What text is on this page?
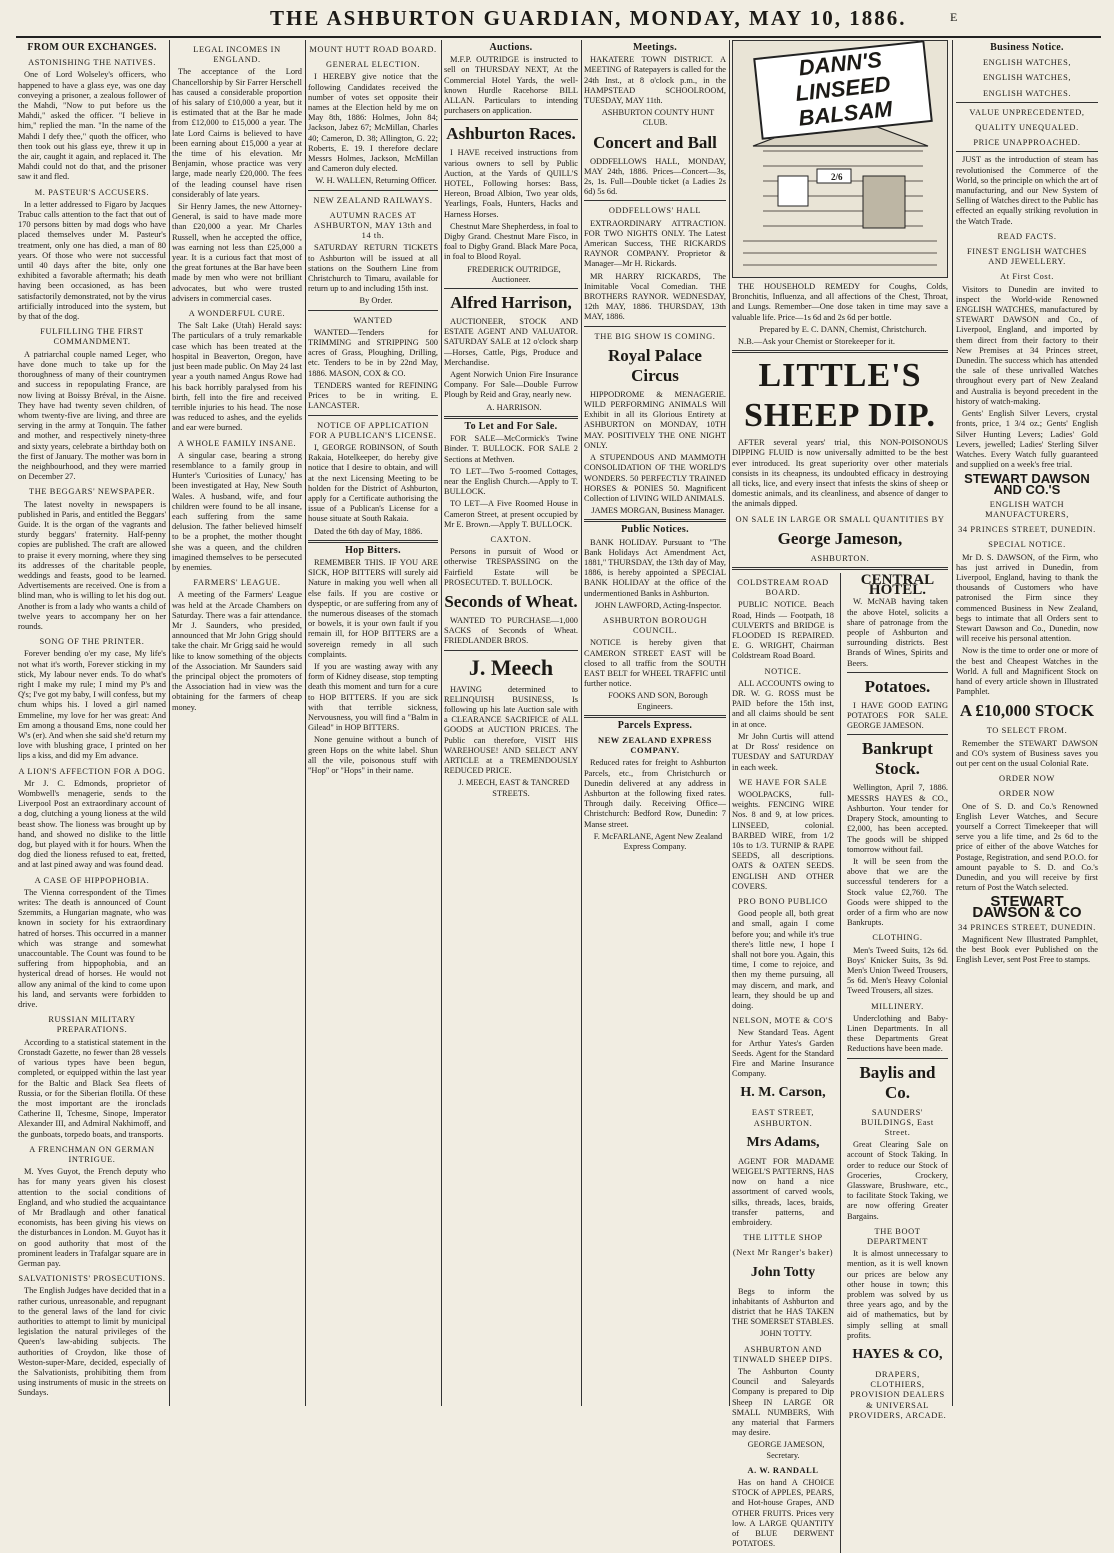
THE ASHBURTON GUARDIAN, MONDAY, MAY 10, 1886.	E
FROM OUR EXCHANGES.
ASTONISHING THE NATIVES.

One of Lord Wolseley's officers, who happened to have a glass eye, was one day conveying a prisoner, a zealous follower of the Mahdi, "Now to put before us the Mahdi," asked the officer. "I believe in him," replied the man. "In the name of the Mahdi I defy thee," quoth the officer, who then took out his glass eye, threw it up in the air, caught it again, and replaced it. The Mahdi could not do that, and the prisoner saw it and fled.

M. PASTEUR'S ACCUSERS.

In a letter addressed to Figaro by Jacques Trabuc calls attention to the fact that out of 170 persons bitten by mad dogs who have placed themselves under M. Pasteur's treatment, only one has died, a man of 80 years. Of those who were not successful until 40 days after the bite, only one exhibited a favorable aftermath; his death having been occasioned, as has been satisfactorily demonstrated, not by the virus artificially introduced into the system, but by that of the dog.

FULFILLING THE FIRST COMMANDMENT.

A patriarchal couple named Leger, who have done much to take up for the thoroughness of many of their countrymen and success in repopulating France, are now living at Boissy Bréval, in the Aisne. They have had twenty seven children, of whom twenty-five are living, and three are serving in the army at Tonquin. The father and mother, and respectively ninety-three and sixty years, celebrate a birthday both on the first of January. The mother was born in the neighbourhood, and they were married on December 27.

THE BEGGARS' NEWSPAPER.

The latest novelty in newspapers is published in Paris, and entitled the Beggars' Guide. It is the organ of the vagrants and sturdy beggars' fraternity. Half-penny copies are published. The craft are allowed to praise it every morning, where they sing its addresses of the charitable people, weddings and feasts, good to be learned. Advertisements are received. One is from a blind man, who is willing to let his dog out. Another is from a lady who wants a child of twelve years to accompany her on her rounds.

SONG OF THE PRINTER.

Forever bending o'er my case, My life's not what it's worth, Forever sticking in my stick, My labour never ends. To do what's right I make my rule; I mind my P's and Q's; I've got my baby, I will confess, but my chum whips his. I loved a girl named Emmeline, my love for her was great: And Em among a thousand Ems, none could her W's (er). And when she said she'd return my love with blushing grace, I printed on her lips a kiss, and did my Em advance.

A LION'S AFFECTION FOR A DOG.

Mr J. C. Edmonds, proprietor of Wombwell's menagerie, sends to the Liverpool Post an extraordinary account of a dog, clutching a young lioness at the wild beast show. The lioness was brought up by hand, and showed no dislike to the little dog, but played with it for hours. When the dog died the lioness refused to eat, fretted, and at last pined away and was found dead.

A CASE OF HIPPOPHOBIA.

The Vienna correspondent of the Times writes: The death is announced of Count Szemmits, a Hungarian magnate, who was known in society for his extraordinary hatred of horses. This occurred in a manner which was strange and somewhat unaccountable. The Count was found to be suffering from hippophobia, and an hysterical dread of horses. He would not allow any animal of the kind to come upon his land, and servants were forbidden to drive.

RUSSIAN MILITARY PREPARATIONS.

According to a statistical statement in the Cronstadt Gazette, no fewer than 28 vessels of various types have been begun, completed, or equipped within the last year for the Baltic and Black Sea fleets of Russia, or for the Siberian flotilla. Of these the most important are the ironclads Catherine II, Tchesme, Sinope, Imperator Alexander III, and Admiral Nakhimoff, and the gunboats, torpedo boats, and transports.

A FRENCHMAN ON GERMAN INTRIGUE.

M. Yves Guyot, the French deputy who has for many years given his closest attention to the social conditions of England, and who studied the acquaintance of Mr Bradlaugh and other fanatical economists, has been giving his views on the disturbances in London. M. Guyot has it on good authority that most of the prominent leaders in Trafalgar square are in German pay.

SALVATIONISTS' PROSECUTIONS.

The English Judges have decided that in a rather curious, unreasonable, and repugnant to the general laws of the land for civic authorities to attempt to limit by municipal legislation the natural privileges of the Queen's law-abiding subjects. The authorities of Croydon, like those of Weston-super-Mare, decided, especially of the Salvationists, prohibiting them from using instruments of music in the streets on Sundays.

LEGAL INCOMES IN ENGLAND.

The acceptance of the Lord Chancellorship by Sir Farrer Herschell has caused a considerable proportion of his salary of £10,000 a year, but it is estimated that at the Bar he made from £12,000 to £15,000 a year. The late Lord Cairns is believed to have been earning about £15,000 a year at the time of his elevation. Mr Benjamin, whose practice was very large, made nearly £20,000. The fees of the leading counsel have risen considerably of late years.

Sir Henry James, the new Attorney-General, is said to have made more than £20,000 a year. Mr Charles Russell, when he accepted the office, was earning not less than £25,000 a year. It is a curious fact that most of the great fortunes at the Bar have been made by men who were not brilliant advocates, but who were trusted advisers in commercial cases.

A WONDERFUL CURE.

The Salt Lake (Utah) Herald says: The particulars of a truly remarkable case which has been treated at the hospital in Beaverton, Oregon, have just been made public. On May 24 last year a youth named Angus Rowe had his back horribly paralysed from his birth, fell into the fire and received terrible injuries to his head. The nose was reduced to ashes, and the eyelids and ear were burned.

A WHOLE FAMILY INSANE.

A singular case, bearing a strong resemblance to a family group in Hunter's 'Curiosities of Lunacy,' has been investigated at Hay, New South Wales. A husband, wife, and four children were found to be all insane, each suffering from the same delusion. The father believed himself to be a prophet, the mother thought she was a queen, and the children imagined themselves to be persecuted by enemies.

FARMERS' LEAGUE.

A meeting of the Farmers' League was held at the Arcade Chambers on Saturday. There was a fair attendance. Mr J. Saunders, who presided, announced that Mr John Grigg should take the chair. Mr Grigg said he would like to know something of the objects of the Association. Mr Saunders said the principal object the promoters of the Association had in view was the obtaining for the farmers of cheap money.

MOUNT HUTT ROAD BOARD.
GENERAL ELECTION.

I HEREBY give notice that the following Candidates received the number of votes set opposite their names at the Election held by me on May 8th, 1886: Holmes, John 84; Jackson, Jabez 67; McMillan, Charles 40; Cameron, D. 38; Allington, G. 22; Roberts, E. 19. I therefore declare Messrs Holmes, Jackson, McMillan and Cameron duly elected.

W. H. WALLEN, Returning Officer.

NEW ZEALAND RAILWAYS.
AUTUMN RACES AT ASHBURTON, MAY 13th and 14 th.

SATURDAY RETURN TICKETS to Ashburton will be issued at all stations on the Southern Line from Christchurch to Timaru, available for return up to and including 15th inst.

By Order.

WANTED

WANTED—Tenders for TRIMMING and STRIPPING 500 acres of Grass, Ploughing, Drilling, etc. Tenders to be in by 22nd May, 1886. MASON, COX & CO.

TENDERS wanted for REFINING Prices to be in writing. E. LANCASTER.

NOTICE OF APPLICATION FOR A PUBLICAN'S LICENSE.

I, GEORGE ROBINSON, of South Rakaia, Hotelkeeper, do hereby give notice that I desire to obtain, and will at the next Licensing Meeting to be holden for the District of Ashburton, apply for a Certificate authorising the issue of a Publican's License for a house situate at South Rakaia.

Dated the 6th day of May, 1886.

Hop Bitters.

REMEMBER THIS. IF YOU ARE SICK, HOP BITTERS will surely aid Nature in making you well when all else fails. If you are costive or dyspeptic, or are suffering from any of the numerous diseases of the stomach or bowels, it is your own fault if you remain ill, for HOP BITTERS are a sovereign remedy in all such complaints.

If you are wasting away with any form of Kidney disease, stop tempting death this moment and turn for a cure to HOP BITTERS. If you are sick with that terrible sickness, Nervousness, you will find a "Balm in Gilead" in HOP BITTERS.

None genuine without a bunch of green Hops on the white label. Shun all the vile, poisonous stuff with "Hop" or "Hops" in their name.

Auctions.

M.F.P. OUTRIDGE is instructed to sell on THURSDAY NEXT, At the Commercial Hotel Yards, the well-known Hurdle Racehorse BILL ALLAN. Particulars to intending purchasers on application.

Ashburton Races.

I HAVE received instructions from various owners to sell by Public Auction, at the Yards of QUILL'S HOTEL, Following horses: Bass, Hereon, Broad Albion, Two year olds, Yearlings, Foals, Hunters, Hacks and Harness Horses.

Chestnut Mare Shepherdess, in foal to Digby Grand. Chestnut Mare Fisco, in foal to Digby Grand. Black Mare Poca, in foal to Blood Royal.

FREDERICK OUTRIDGE, Auctioneer.

Alfred Harrison,

AUCTIONEER, STOCK AND ESTATE AGENT AND VALUATOR. SATURDAY SALE at 12 o'clock sharp —Horses, Cattle, Pigs, Produce and Merchandise.

Agent Norwich Union Fire Insurance Company. For Sale—Double Furrow Plough by Reid and Gray, nearly new.

A. HARRISON.

To Let and For Sale.

FOR SALE—McCormick's Twine Binder. T. BULLOCK. FOR SALE 2 Sections at Methven.

TO LET—Two 5-roomed Cottages, near the English Church.—Apply to T. BULLOCK.

TO LET—A Five Roomed House in Cameron Street, at present occupied by Mr E. Brown.—Apply T. BULLOCK.

CAXTON.

Persons in pursuit of Wood or otherwise TRESPASSING on the Fairfield Estate will be PROSECUTED. T. BULLOCK.

Seconds of Wheat.

WANTED TO PURCHASE—1,000 SACKS of Seconds of Wheat. FRIEDLANDER BROS.

J. Meech

HAVING determined to RELINQUISH BUSINESS, Is following up his late Auction sale with a CLEARANCE SACRIFICE of ALL GOODS at AUCTION PRICES. The Public can therefore, VISIT HIS WAREHOUSE! AND SELECT ANY ARTICLE at a TREMENDOUSLY REDUCED PRICE.

J. MEECH, EAST & TANCRED STREETS.

Meetings.

HAKATERE TOWN DISTRICT. A MEETING of Ratepayers is called for the 24th Inst., at 8 o'clock p.m., in the HAMPSTEAD SCHOOLROOM, TUESDAY, MAY 11th.

ASHBURTON COUNTY HUNT CLUB.

Concert and Ball

ODDFELLOWS HALL, MONDAY, MAY 24th, 1886. Prices—Concert—3s, 2s, 1s. Full—Double ticket (a Ladies 2s 6d) 5s 6d.

ODDFELLOWS' HALL

EXTRAORDINARY ATTRACTION. FOR TWO NIGHTS ONLY. The Latest American Success, THE RICKARDS RAYNOR COMPANY. Proprietor & Manager—Mr H. Rickards.

MR HARRY RICKARDS, The Inimitable Vocal Comedian. THE BROTHERS RAYNOR. WEDNESDAY, 12th MAY, 1886. THURSDAY, 13th MAY, 1886.

THE BIG SHOW IS COMING.
Royal Palace Circus

HIPPODROME & MENAGERIE. WILD PERFORMING ANIMALS Will Exhibit in all its Glorious Entirety at ASHBURTON on MONDAY, 10TH MAY. POSITIVELY THE ONE NIGHT ONLY.

A STUPENDOUS AND MAMMOTH CONSOLIDATION OF THE WORLD'S WONDERS. 50 PERFECTLY TRAINED HORSES & PONIES 50. Magnificent Collection of LIVING WILD ANIMALS.

JAMES MORGAN, Business Manager.

Public Notices.

BANK HOLIDAY. Pursuant to "The Bank Holidays Act Amendment Act, 1881," THURSDAY, the 13th day of May, 1886, is hereby appointed a SPECIAL BANK HOLIDAY at the office of the undermentioned Banks in Ashburton.

JOHN LAWFORD, Acting-Inspector.

ASHBURTON BOROUGH COUNCIL.

NOTICE is hereby given that CAMERON STREET EAST will be closed to all traffic from the SOUTH EAST BELT for WHEEL TRAFFIC until further notice.

FOOKS AND SON, Borough Engineers.

Parcels Express.
NEW ZEALAND EXPRESS COMPANY.

Reduced rates for freight to Ashburton Parcels, etc., from Christchurch or Dunedin delivered at any address in Ashburton at the following fixed rates. Through daily. Receiving Office—Christchurch: Bedford Row, Dunedin: 7 Manse street.

F. McFARLANE, Agent New Zealand Express Company.

DANN'S
LINSEED
BALSAM
2/6

THE HOUSEHOLD REMEDY for Coughs, Colds, Bronchitis, Influenza, and all affections of the Chest, Throat, and Lungs. Remember—One dose taken in time may save a valuable life. Price—1s 6d and 2s 6d per bottle.

Prepared by E. C. DANN, Chemist, Christchurch.

N.B.—Ask your Chemist or Storekeeper for it.

LITTLE'S SHEEP DIP.

AFTER several years' trial, this NON-POISONOUS DIPPING FLUID is now universally admitted to be the best ever introduced. Its great superiority over other materials consists in its cheapness, its undoubted efficacy in destroying all ticks, lice, and every insect that infests the skins of sheep or domestic animals, and its cleanliness, and absence of danger to the animals dipped.

ON SALE IN LARGE OR SMALL QUANTITIES BY
George Jameson,
ASHBURTON.
COLDSTREAM ROAD BOARD.

PUBLIC NOTICE. Beach Road, Hinds — Footpath, 18 CULVERTS and BRIDGE is FLOODED IS REPAIRED. E. G. WRIGHT, Chairman Coldstream Road Board.

NOTICE.

ALL ACCOUNTS owing to DR. W. G. ROSS must be PAID before the 15th inst, and all claims should be sent in at once.

Mr John Curtis will attend at Dr Ross' residence on TUESDAY and SATURDAY in each week.

WE HAVE FOR SALE

WOOLPACKS, full-weights. FENCING WIRE Nos. 8 and 9, at low prices. LINSEED, colonial. BARBED WIRE, from 1/2 10s to 1/3. TURNIP & RAPE SEEDS, all descriptions. OATS & OATEN SEEDS. ENGLISH AND OTHER COVERS.

PRO BONO PUBLICO

Good people all, both great and small, again I come before you; and while it's true there's little new, I hope I shall not bore you. Again, this time, I come to rejoice, and then my theme pursuing, all may discern, and mark, and learn, they should be up and doing.

NELSON, MOTE & CO'S

New Standard Teas. Agent for Arthur Yates's Garden Seeds. Agent for the Standard Fire and Marine Insurance Company.

H. M. Carson,
EAST STREET, ASHBURTON.
Mrs Adams,

AGENT FOR MADAME WEIGEL'S PATTERNS, HAS now on hand a nice assortment of carved wools, silks, threads, laces, braids, transfer patterns, and embroidery.

THE LITTLE SHOP
(Next Mr Ranger's baker)
John Totty

Begs to inform the inhabitants of Ashburton and district that he HAS TAKEN THE SOMERSET STABLES.

JOHN TOTTY.

ASHBURTON AND TINWALD SHEEP DIPS.

The Ashburton County Council and Saleyards Company is prepared to Dip Sheep IN LARGE OR SMALL NUMBERS, With any material that Farmers may desire.

GEORGE JAMESON, Secretary.

A. W. RANDALL

Has on hand A CHOICE STOCK of APPLES, PEARS, and Hot-house Grapes, AND OTHER FRUITS. Prices very low. A LARGE QUANTITY of BLUE DERWENT POTATOES.

CENTRAL HOTEL.

W. McNAB having taken the above Hotel, solicits a share of patronage from the people of Ashburton and surrounding districts. Best Brands of Wines, Spirits and Beers.

Potatoes.

I HAVE GOOD EATING POTATOES FOR SALE. GEORGE JAMESON.

Bankrupt Stock.

Wellington, April 7, 1886. MESSRS HAYES & CO., Ashburton. Your tender for Drapery Stock, amounting to £2,000, has been accepted. The goods will be shipped tomorrow without fail.

It will be seen from the above that we are the successful tenderers for a Stock value £2,760. The Goods were shipped to the order of a firm who are now Bankrupts.

CLOTHING.

Men's Tweed Suits, 12s 6d. Boys' Knicker Suits, 3s 9d. Men's Union Tweed Trousers, 5s 6d. Men's Heavy Colonial Tweed Trousers, all sizes.

MILLINERY.

Underclothing and Baby-Linen Departments. In all these Departments Great Reductions have been made.

Baylis and Co.
SAUNDERS' BUILDINGS, East Street.

Great Clearing Sale on account of Stock Taking. In order to reduce our Stock of Groceries, Crockery, Glassware, Brushware, etc., to facilitate Stock Taking, we are now offering Greater Bargains.

THE BOOT DEPARTMENT

It is almost unnecessary to mention, as it is well known our prices are below any other house in town; this problem was solved by us three years ago, and by the aid of mathematics, but by simply selling at small profits.

HAYES & CO,
DRAPERS, CLOTHIERS, PROVISION DEALERS & UNIVERSAL PROVIDERS, ARCADE.
Business Notice.
ENGLISH WATCHES,
ENGLISH WATCHES,
ENGLISH WATCHES.
VALUE UNPRECEDENTED,
QUALITY UNEQUALED.
PRICE UNAPPROACHED.

JUST as the introduction of steam has revolutionised the Commerce of the World, so the principle on which the art of manufacturing, and our New System of Selling of Watches direct to the Public has effected an equally striking revolution in the Watch Trade.

READ FACTS.
FINEST ENGLISH WATCHES AND JEWELLERY.
At First Cost.

Visitors to Dunedin are invited to inspect the World-wide Renowned ENGLISH WATCHES, manufactured by STEWART DAWSON and Co., of Liverpool, England, and imported by them direct from their factory to their New Premises at 34 Princes street, Dunedin. The success which has attended the sale of these unrivalled Watches throughout every part of New Zealand and Australia is beyond precedent in the history of watch-making.

Gents' English Silver Levers, crystal fronts, price, 1 3/4 oz.; Gents' English Silver Hunting Levers; Ladies' Gold Levers, jewelled; Ladies' Sterling Silver Watches. Every Watch fully guaranteed and supplied on a week's free trial.

STEWART DAWSON AND CO.'S
ENGLISH WATCH MANUFACTURERS,
34 PRINCES STREET, DUNEDIN.
SPECIAL NOTICE.

Mr D. S. DAWSON, of the Firm, who has just arrived in Dunedin, from Liverpool, England, having to thank the thousands of Customers who have patronised the Firm since they commenced Business in New Zealand, begs to intimate that all Orders sent to Stewart Dawson and Co., Dunedin, now will receive his personal attention.

Now is the time to order one or more of the best and Cheapest Watches in the World. A full and Magnificent Stock on hand of every article shown in Illustrated Pamphlet.

A £10,000 STOCK
TO SELECT FROM.

Remember the STEWART DAWSON and CO's system of Business saves you out per cent on the usual Colonial Rate.

ORDER NOW
ORDER NOW

One of S. D. and Co.'s Renowned English Lever Watches, and Secure yourself a Correct Timekeeper that will serve you a life time, and 2s 6d to the price of either of the above Watches for Postage, Registration, and send P.O.O. for amount payable to S. D. and Co.'s Dunedin, and you will receive by first return of Post the Watch selected.

STEWART DAWSON & CO
34 PRINCES STREET, DUNEDIN.

Magnificent New Illustrated Pamphlet, the best Book ever Published on the English Lever, sent Post Free to stamps.
